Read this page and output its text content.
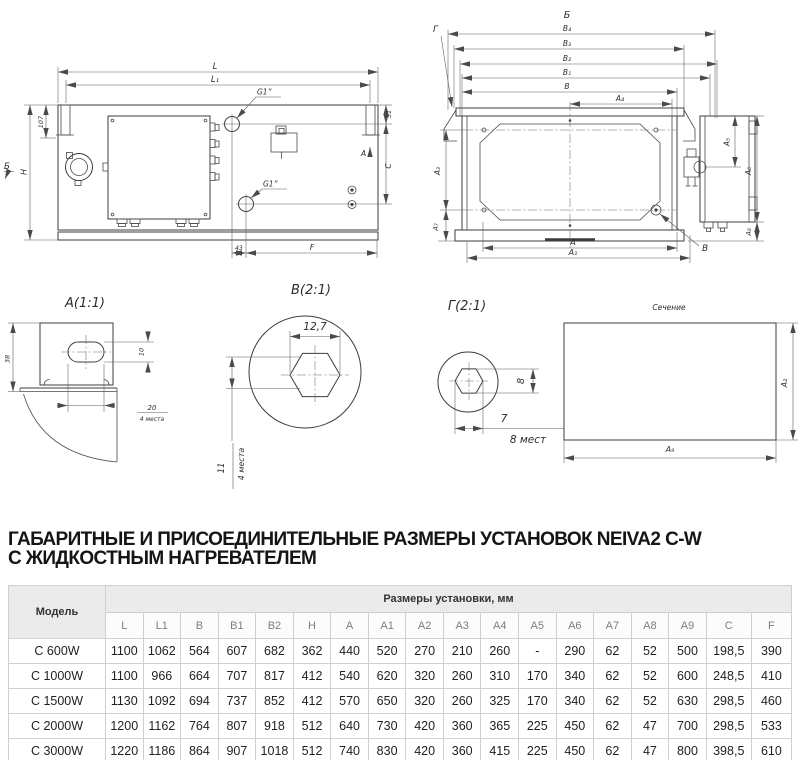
G1”
G1”
L
L₁
107
H
Б
A
51
C
43	F
Б
Г	B₄
B₃
B₂
B₁
B
A₄
A₃
A₇
A₅
A₆
A₈
A
A₁	B
A(1:1)
38
10
20
4 места
B(2:1)
12,7
11 4 места
Г(2:1)
8
7
8 мест
Сечение
A₂
A₉
ГАБАРИТНЫЕ И ПРИСОЕДИНИТЕЛЬНЫЕ РАЗМЕРЫ УСТАНОВОК NEIVA2 C-W
С ЖИДКОСТНЫМ НАГРЕВАТЕЛЕМ
Модель	Размеры установки, мм																	
	L	L1	B	B1	B2	H	A	A1	A2	A3	A4	A5	A6	A7	A8	A9	C	F
С 600W	1100	1062	564	607	682	362	440	520	270	210	260	-	290	62	52	500	198,5	390
С 1000W	1100	966	664	707	817	412	540	620	320	260	310	170	340	62	52	600	248,5	410
С 1500W	1130	1092	694	737	852	412	570	650	320	260	325	170	340	62	52	630	298,5	460
С 2000W	1200	1162	764	807	918	512	640	730	420	360	365	225	450	62	47	700	298,5	533
С 3000W	1220	1186	864	907	1018	512	740	830	420	360	415	225	450	62	47	800	398,5	610
